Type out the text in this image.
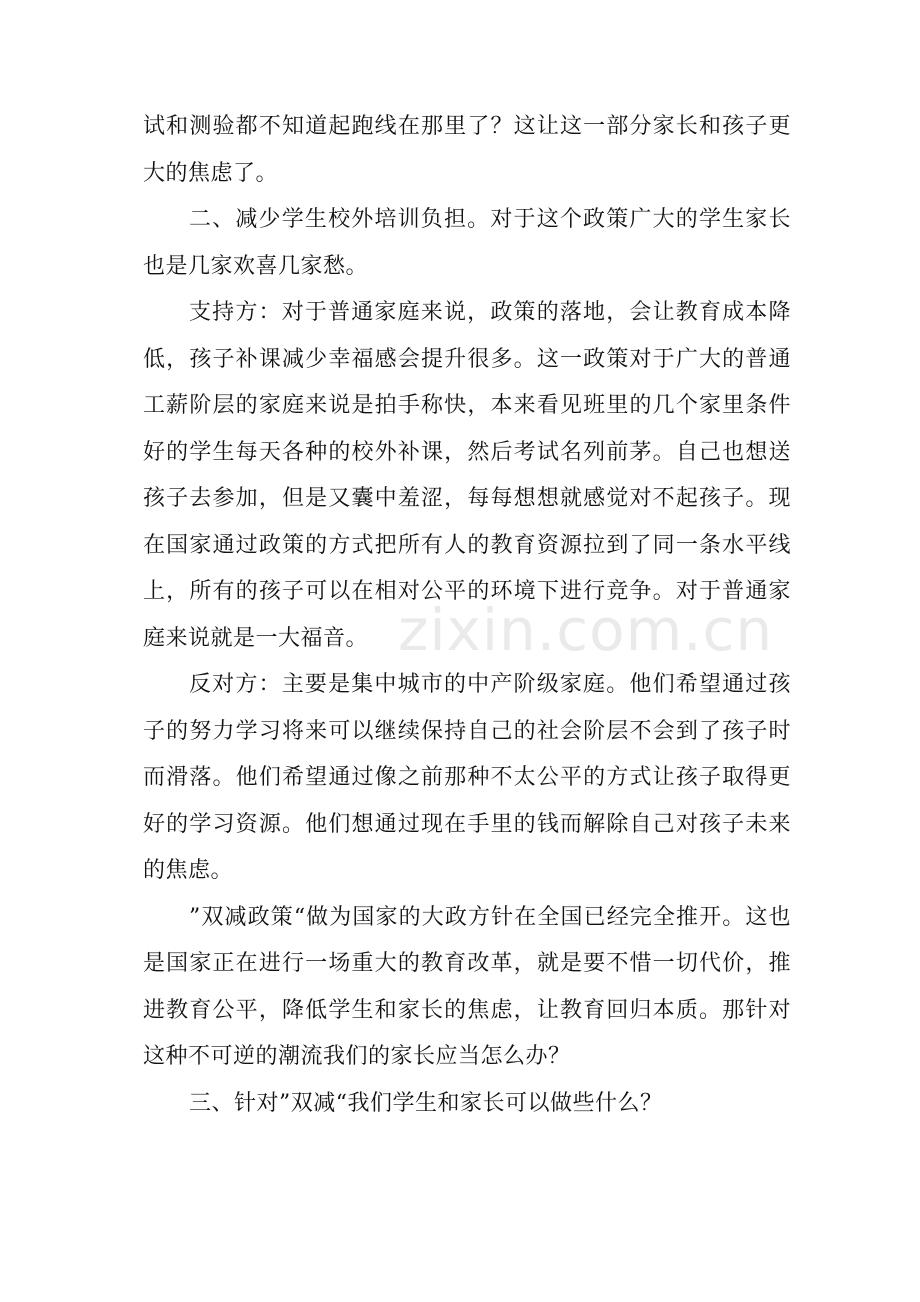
试和测验都不知道起跑线在那里了？这让这一部分家长和孩子更大的焦虑了。

二、减少学生校外培训负担。对于这个政策广大的学生家长也是几家欢喜几家愁。

支持方：对于普通家庭来说，政策的落地，会让教育成本降低，孩子补课减少幸福感会提升很多。这一政策对于广大的普通工薪阶层的家庭来说是拍手称快，本来看见班里的几个家里条件好的学生每天各种的校外补课，然后考试名列前茅。自己也想送孩子去参加，但是又囊中羞涩，每每想想就感觉对不起孩子。现在国家通过政策的方式把所有人的教育资源拉到了同一条水平线上，所有的孩子可以在相对公平的环境下进行竞争。对于普通家庭来说就是一大福音。

反对方：主要是集中城市的中产阶级家庭。他们希望通过孩子的努力学习将来可以继续保持自己的社会阶层不会到了孩子时而滑落。他们希望通过像之前那种不太公平的方式让孩子取得更好的学习资源。他们想通过现在手里的钱而解除自己对孩子未来的焦虑。

”双减政策“做为国家的大政方针在全国已经完全推开。这也是国家正在进行一场重大的教育改革，就是要不惜一切代价，推进教育公平，降低学生和家长的焦虑，让教育回归本质。那针对这种不可逆的潮流我们的家长应当怎么办？

三、针对”双减“我们学生和家长可以做些什么？

zixin.com.cn
